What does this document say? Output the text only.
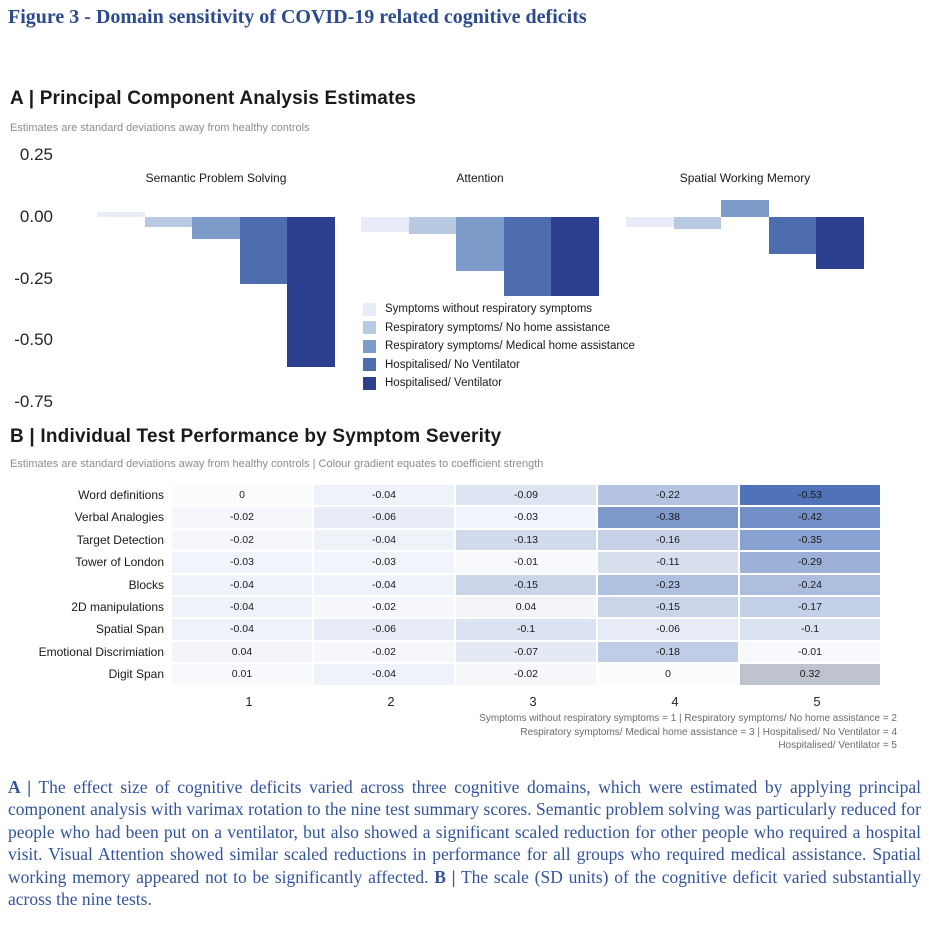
Figure 3 - Domain sensitivity of COVID-19 related cognitive deficits
A | Principal Component Analysis Estimates
Estimates are standard deviations away from healthy controls
0.25
0.00
-0.25
-0.50
-0.75
Semantic Problem Solving	Attention	Spatial Working Memory
Symptoms without respiratory symptoms
Respiratory symptoms/ No home assistance
Respiratory symptoms/ Medical home assistance
Hospitalised/ No Ventilator
Hospitalised/ Ventilator
B | Individual Test Performance by Symptom Severity
Estimates are standard deviations away from healthy controls | Colour gradient equates to coefficient strength
Word definitions	0	-0.04	-0.09	-0.22	-0.53
Verbal Analogies	-0.02	-0.06	-0.03	-0.38	-0.42
Target Detection	-0.02	-0.04	-0.13	-0.16	-0.35
Tower of London	-0.03	-0.03	-0.01	-0.11	-0.29
Blocks	-0.04	-0.04	-0.15	-0.23	-0.24
2D manipulations	-0.04	-0.02	0.04	-0.15	-0.17
Spatial Span	-0.04	-0.06	-0.1	-0.06	-0.1
Emotional Discrimiation	0.04	-0.02	-0.07	-0.18	-0.01
Digit Span	0.01	-0.04	-0.02	0	0.32
1	2	3	4	5
Symptoms without respiratory symptoms = 1 | Respiratory symptoms/ No home assistance = 2
Respiratory symptoms/ Medical home assistance = 3 | Hospitalised/ No Ventilator = 4
Hospitalised/ Ventilator = 5
A | The effect size of cognitive deficits varied across three cognitive domains, which were estimated by applying principal component analysis with varimax rotation to the nine test summary scores. Semantic problem solving was particularly reduced for people who had been put on a ventilator, but also showed a significant scaled reduction for other people who required a hospital visit. Visual Attention showed similar scaled reductions in performance for all groups who required medical assistance. Spatial working memory appeared not to be significantly affected. B | The scale (SD units) of the cognitive deficit varied substantially across the nine tests.
